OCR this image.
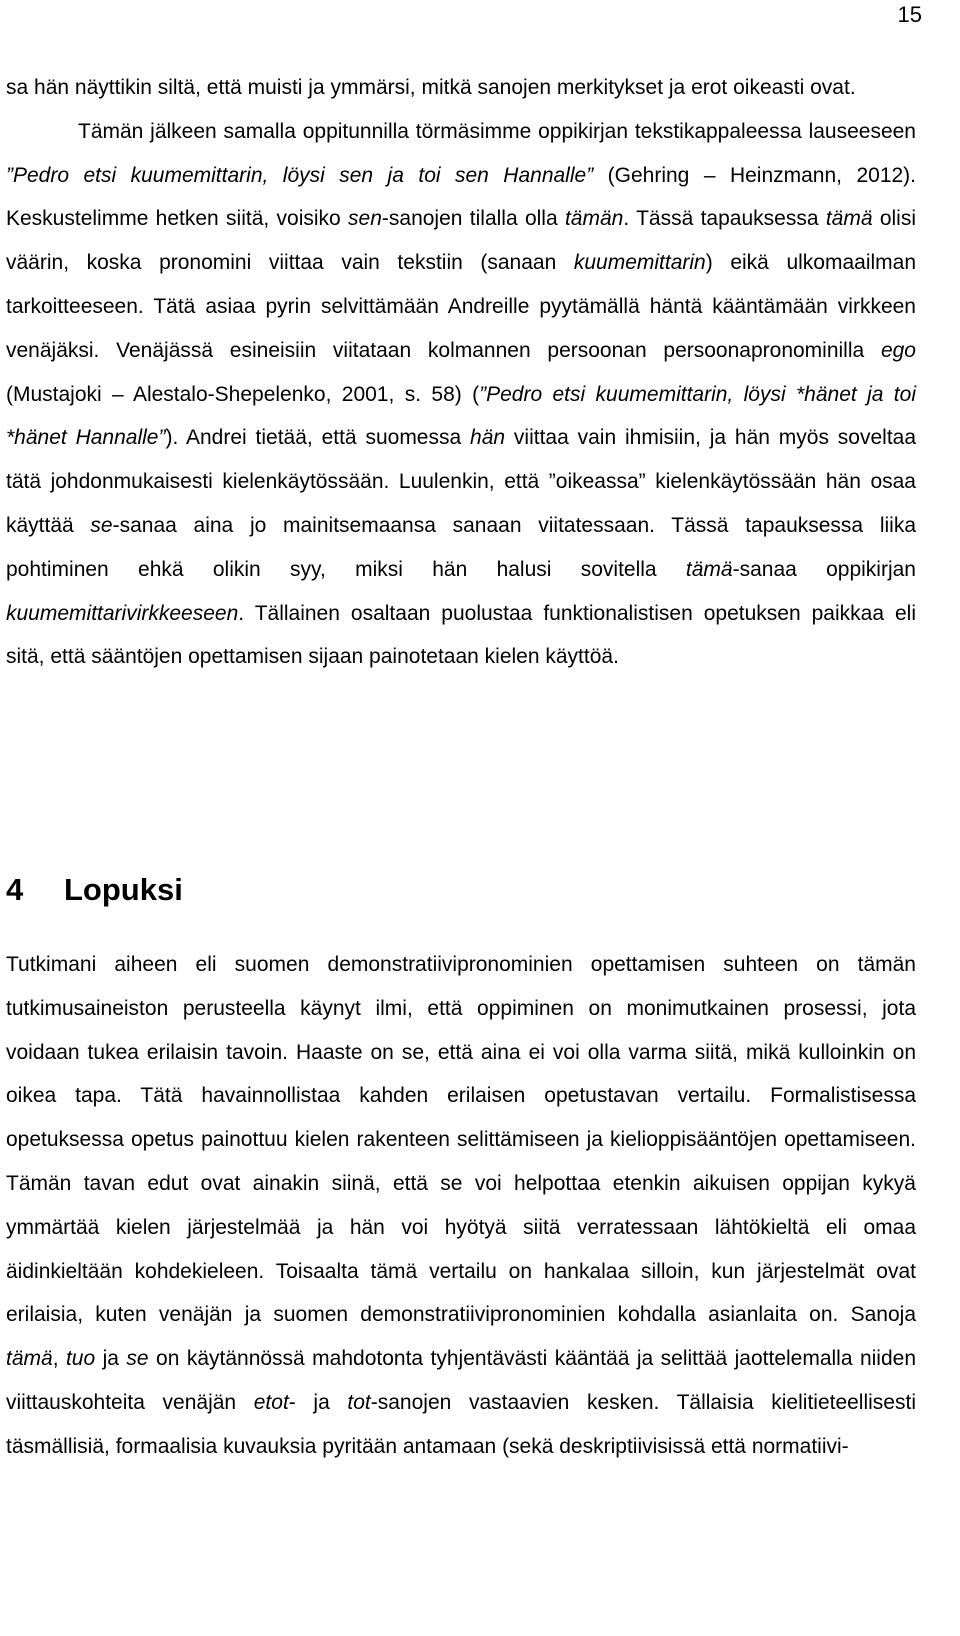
15

sa hän näyttikin siltä, että muisti ja ymmärsi, mitkä sanojen merkitykset ja erot oikeasti ovat.
Tämän jälkeen samalla oppitunnilla törmäsimme oppikirjan tekstikappaleessa lauseeseen ”Pedro etsi kuumemittarin, löysi sen ja toi sen Hannalle” (Gehring – Heinzmann, 2012). Keskustelimme hetken siitä, voisiko sen-sanojen tilalla olla tämän. Tässä tapauksessa tämä olisi väärin, koska pronomini viittaa vain tekstiin (sanaan kuumemittarin) eikä ulkomaailman tarkoitteeseen. Tätä asiaa pyrin selvittämään Andreille pyytämällä häntä kääntämään virkkeen venäjäksi. Venäjässä esineisiin viitataan kolmannen persoonan persoonapronominilla ego (Mustajoki – Alestalo-Shepelenko, 2001, s. 58) (”Pedro etsi kuumemittarin, löysi *hänet ja toi *hänet Hannalle”). Andrei tietää, että suomessa hän viittaa vain ihmisiin, ja hän myös soveltaa tätä johdonmukaisesti kielenkäytössään. Luulenkin, että ”oikeassa” kielenkäytössään hän osaa käyttää se-sanaa aina jo mainitsemaansa sanaan viitatessaan. Tässä tapauksessa liika pohtiminen ehkä olikin syy, miksi hän halusi sovitella tämä-sanaa oppikirjan kuumemittarivirkkeeseen. Tällainen osaltaan puolustaa funktionalistisen opetuksen paikkaa eli sitä, että sääntöjen opettamisen sijaan painotetaan kielen käyttöä.

4 Lopuksi

Tutkimani aiheen eli suomen demonstratiivipronominien opettamisen suhteen on tämän tutkimusaineiston perusteella käynyt ilmi, että oppiminen on monimutkainen prosessi, jota voidaan tukea erilaisin tavoin. Haaste on se, että aina ei voi olla varma siitä, mikä kulloinkin on oikea tapa. Tätä havainnollistaa kahden erilaisen opetustavan vertailu. Formalistisessa opetuksessa opetus painottuu kielen rakenteen selittämiseen ja kielioppisääntöjen opettamiseen. Tämän tavan edut ovat ainakin siinä, että se voi helpottaa etenkin aikuisen oppijan kykyä ymmärtää kielen järjestelmää ja hän voi hyötyä siitä verratessaan lähtökieltä eli omaa äidinkieltään kohdekieleen. Toisaalta tämä vertailu on hankalaa silloin, kun järjestelmät ovat erilaisia, kuten venäjän ja suomen demonstratiivipronominien kohdalla asianlaita on. Sanoja tämä, tuo ja se on käytännössä mahdotonta tyhjentävästi kääntää ja selittää jaottelemalla niiden viittauskohteita venäjän etot- ja tot-sanojen vastaavien kesken. Tällaisia kielitieteellisesti täsmällisiä, formaalisia kuvauksia pyritään antamaan (sekä deskriptiivisissä että normatiivi-
